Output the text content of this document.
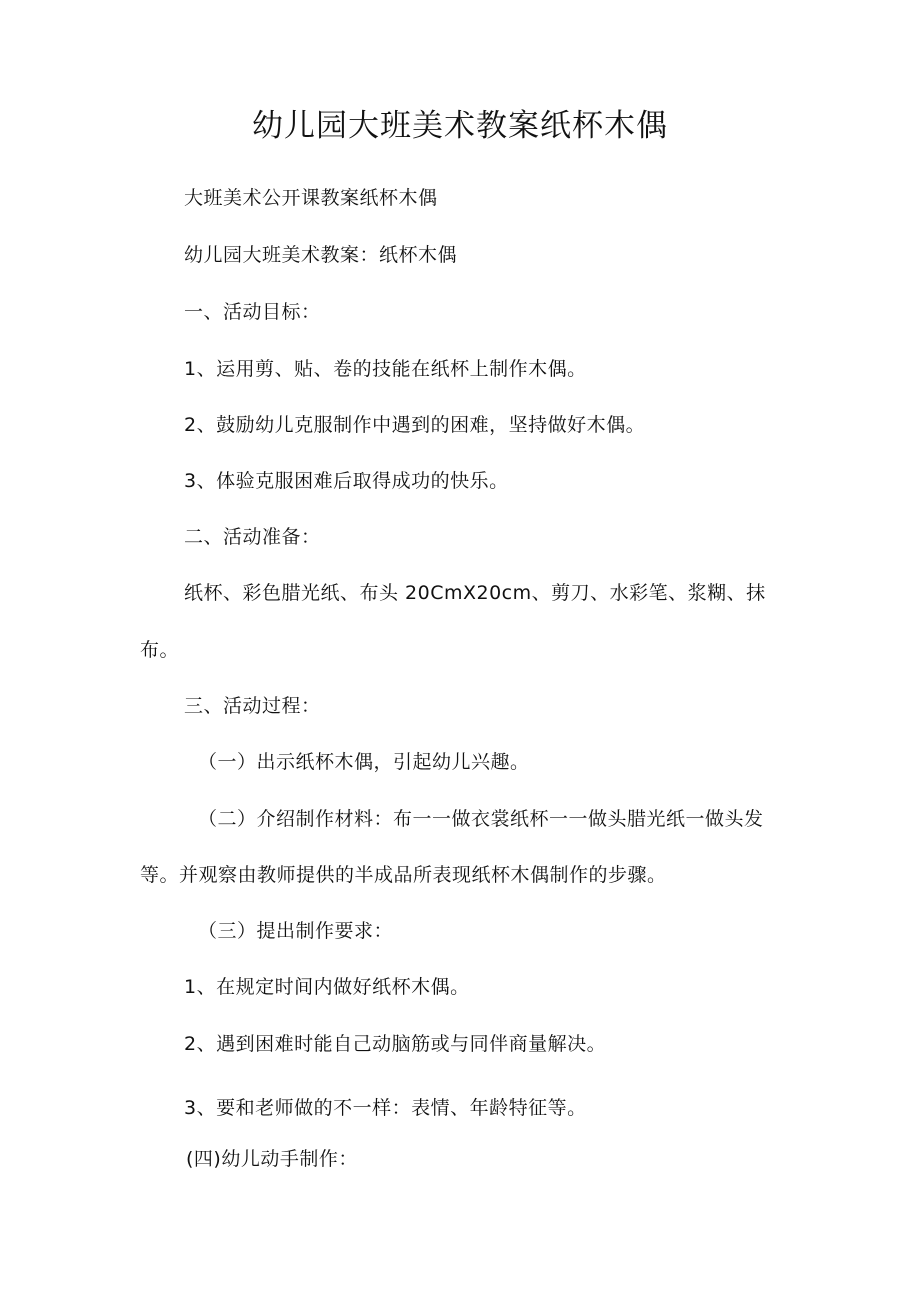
幼儿园大班美术教案纸杯木偶
大班美术公开课教案纸杯木偶
幼儿园大班美术教案：纸杯木偶
一、活动目标：
1、运用剪、贴、卷的技能在纸杯上制作木偶。
2、鼓励幼儿克服制作中遇到的困难，坚持做好木偶。
3、体验克服困难后取得成功的快乐。
二、活动准备：
纸杯、彩色腊光纸、布头 20CmX20cm、剪刀、水彩笔、浆糊、抹
布。
三、活动过程：
（一）出示纸杯木偶，引起幼儿兴趣。
（二）介绍制作材料：布一一做衣裳纸杯一一做头腊光纸一做头发
等。并观察由教师提供的半成品所表现纸杯木偶制作的步骤。
（三）提出制作要求：
1、在规定时间内做好纸杯木偶。
2、遇到困难时能自己动脑筋或与同伴商量解决。
3、要和老师做的不一样：表情、年龄特征等。
(四)幼儿动手制作：
